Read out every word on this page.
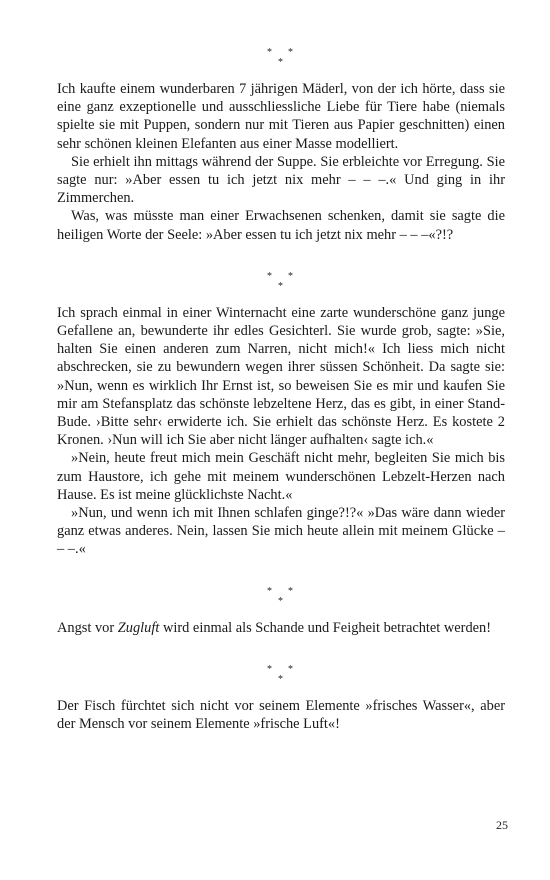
* *
*

Ich kaufte einem wunderbaren 7 jährigen Mäderl, von der ich hörte, dass sie eine ganz exzeptionelle und ausschliessliche Liebe für Tiere habe (niemals spielte sie mit Puppen, sondern nur mit Tieren aus Papier geschnitten) einen sehr schönen kleinen Elefanten aus einer Masse modelliert.

Sie erhielt ihn mittags während der Suppe. Sie erbleichte vor Erregung. Sie sagte nur: »Aber essen tu ich jetzt nix mehr – – –.« Und ging in ihr Zimmerchen.

Was, was müsste man einer Erwachsenen schenken, damit sie sagte die heiligen Worte der Seele: »Aber essen tu ich jetzt nix mehr – – –«?!?

* *
*

Ich sprach einmal in einer Winternacht eine zarte wunderschöne ganz junge Gefallene an, bewunderte ihr edles Gesichterl. Sie wurde grob, sagte: »Sie, halten Sie einen anderen zum Narren, nicht mich!« Ich liess mich nicht abschrecken, sie zu bewundern wegen ihrer süssen Schönheit. Da sagte sie: »Nun, wenn es wirklich Ihr Ernst ist, so beweisen Sie es mir und kaufen Sie mir am Stefansplatz das schönste lebzeltene Herz, das es gibt, in einer Stand-Bude. ›Bitte sehr‹ erwiderte ich. Sie erhielt das schönste Herz. Es kostete 2 Kronen. ›Nun will ich Sie aber nicht länger aufhalten‹ sagte ich.«

»Nein, heute freut mich mein Geschäft nicht mehr, begleiten Sie mich bis zum Haustore, ich gehe mit meinem wunderschönen Lebzelt-Herzen nach Hause. Es ist meine glücklichste Nacht.«

»Nun, und wenn ich mit Ihnen schlafen ginge?!?« »Das wäre dann wieder ganz etwas anderes. Nein, lassen Sie mich heute allein mit meinem Glücke – – –.«

* *
*

Angst vor Zugluft wird einmal als Schande und Feigheit betrachtet werden!

* *
*

Der Fisch fürchtet sich nicht vor seinem Elemente »frisches Wasser«, aber der Mensch vor seinem Elemente »frische Luft«!

25
